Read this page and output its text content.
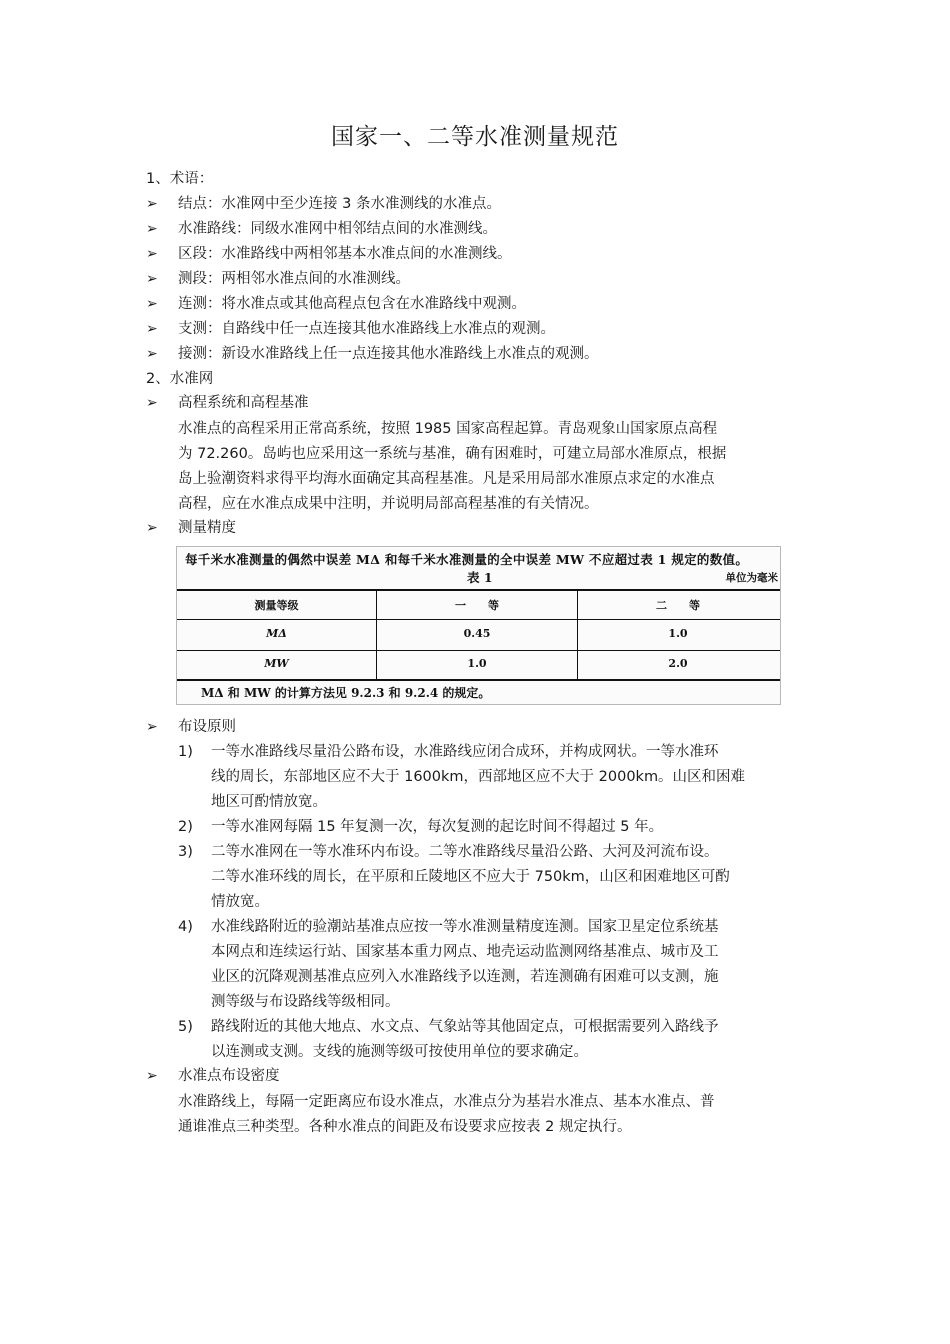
国家一、二等水准测量规范
1、术语：
➢ 结点：水准网中至少连接 3 条水准测线的水准点。
➢ 水准路线：同级水准网中相邻结点间的水准测线。
➢ 区段：水准路线中两相邻基本水准点间的水准测线。
➢ 测段：两相邻水准点间的水准测线。
➢ 连测：将水准点或其他高程点包含在水准路线中观测。
➢ 支测：自路线中任一点连接其他水准路线上水准点的观测。
➢ 接测：新设水准路线上任一点连接其他水准路线上水准点的观测。
2、水准网
➢ 高程系统和高程基准
水准点的高程采用正常高系统，按照 1985 国家高程起算。青岛观象山国家原点高程
为 72.260。岛屿也应采用这一系统与基准，确有困难时，可建立局部水准原点，根据
岛上验潮资料求得平均海水面确定其高程基准。凡是采用局部水准原点求定的水准点
高程，应在水准点成果中注明，并说明局部高程基准的有关情况。
➢ 测量精度
每千米水准测量的偶然中误差 MΔ 和每千米水准测量的全中误差 MW 不应超过表 1 规定的数值。
表 1	单位为毫米
测量等级	一　　等	二　　等
MΔ	0.45	1.0
MW	1.0	2.0
MΔ 和 MW 的计算方法见 9.2.3 和 9.2.4 的规定。
➢ 布设原则
1) 一等水准路线尽量沿公路布设，水准路线应闭合成环，并构成网状。一等水准环
线的周长，东部地区应不大于 1600km，西部地区应不大于 2000km。山区和困难
地区可酌情放宽。
2) 一等水准网每隔 15 年复测一次，每次复测的起讫时间不得超过 5 年。
3) 二等水准网在一等水准环内布设。二等水准路线尽量沿公路、大河及河流布设。
二等水准环线的周长，在平原和丘陵地区不应大于 750km，山区和困难地区可酌
情放宽。
4) 水准线路附近的验潮站基准点应按一等水准测量精度连测。国家卫星定位系统基
本网点和连续运行站、国家基本重力网点、地壳运动监测网络基准点、城市及工
业区的沉降观测基准点应列入水准路线予以连测，若连测确有困难可以支测，施
测等级与布设路线等级相同。
5) 路线附近的其他大地点、水文点、气象站等其他固定点，可根据需要列入路线予
以连测或支测。支线的施测等级可按使用单位的要求确定。
➢ 水准点布设密度
水准路线上，每隔一定距离应布设水准点，水准点分为基岩水准点、基本水准点、普
通谁准点三种类型。各种水准点的间距及布设要求应按表 2 规定执行。
